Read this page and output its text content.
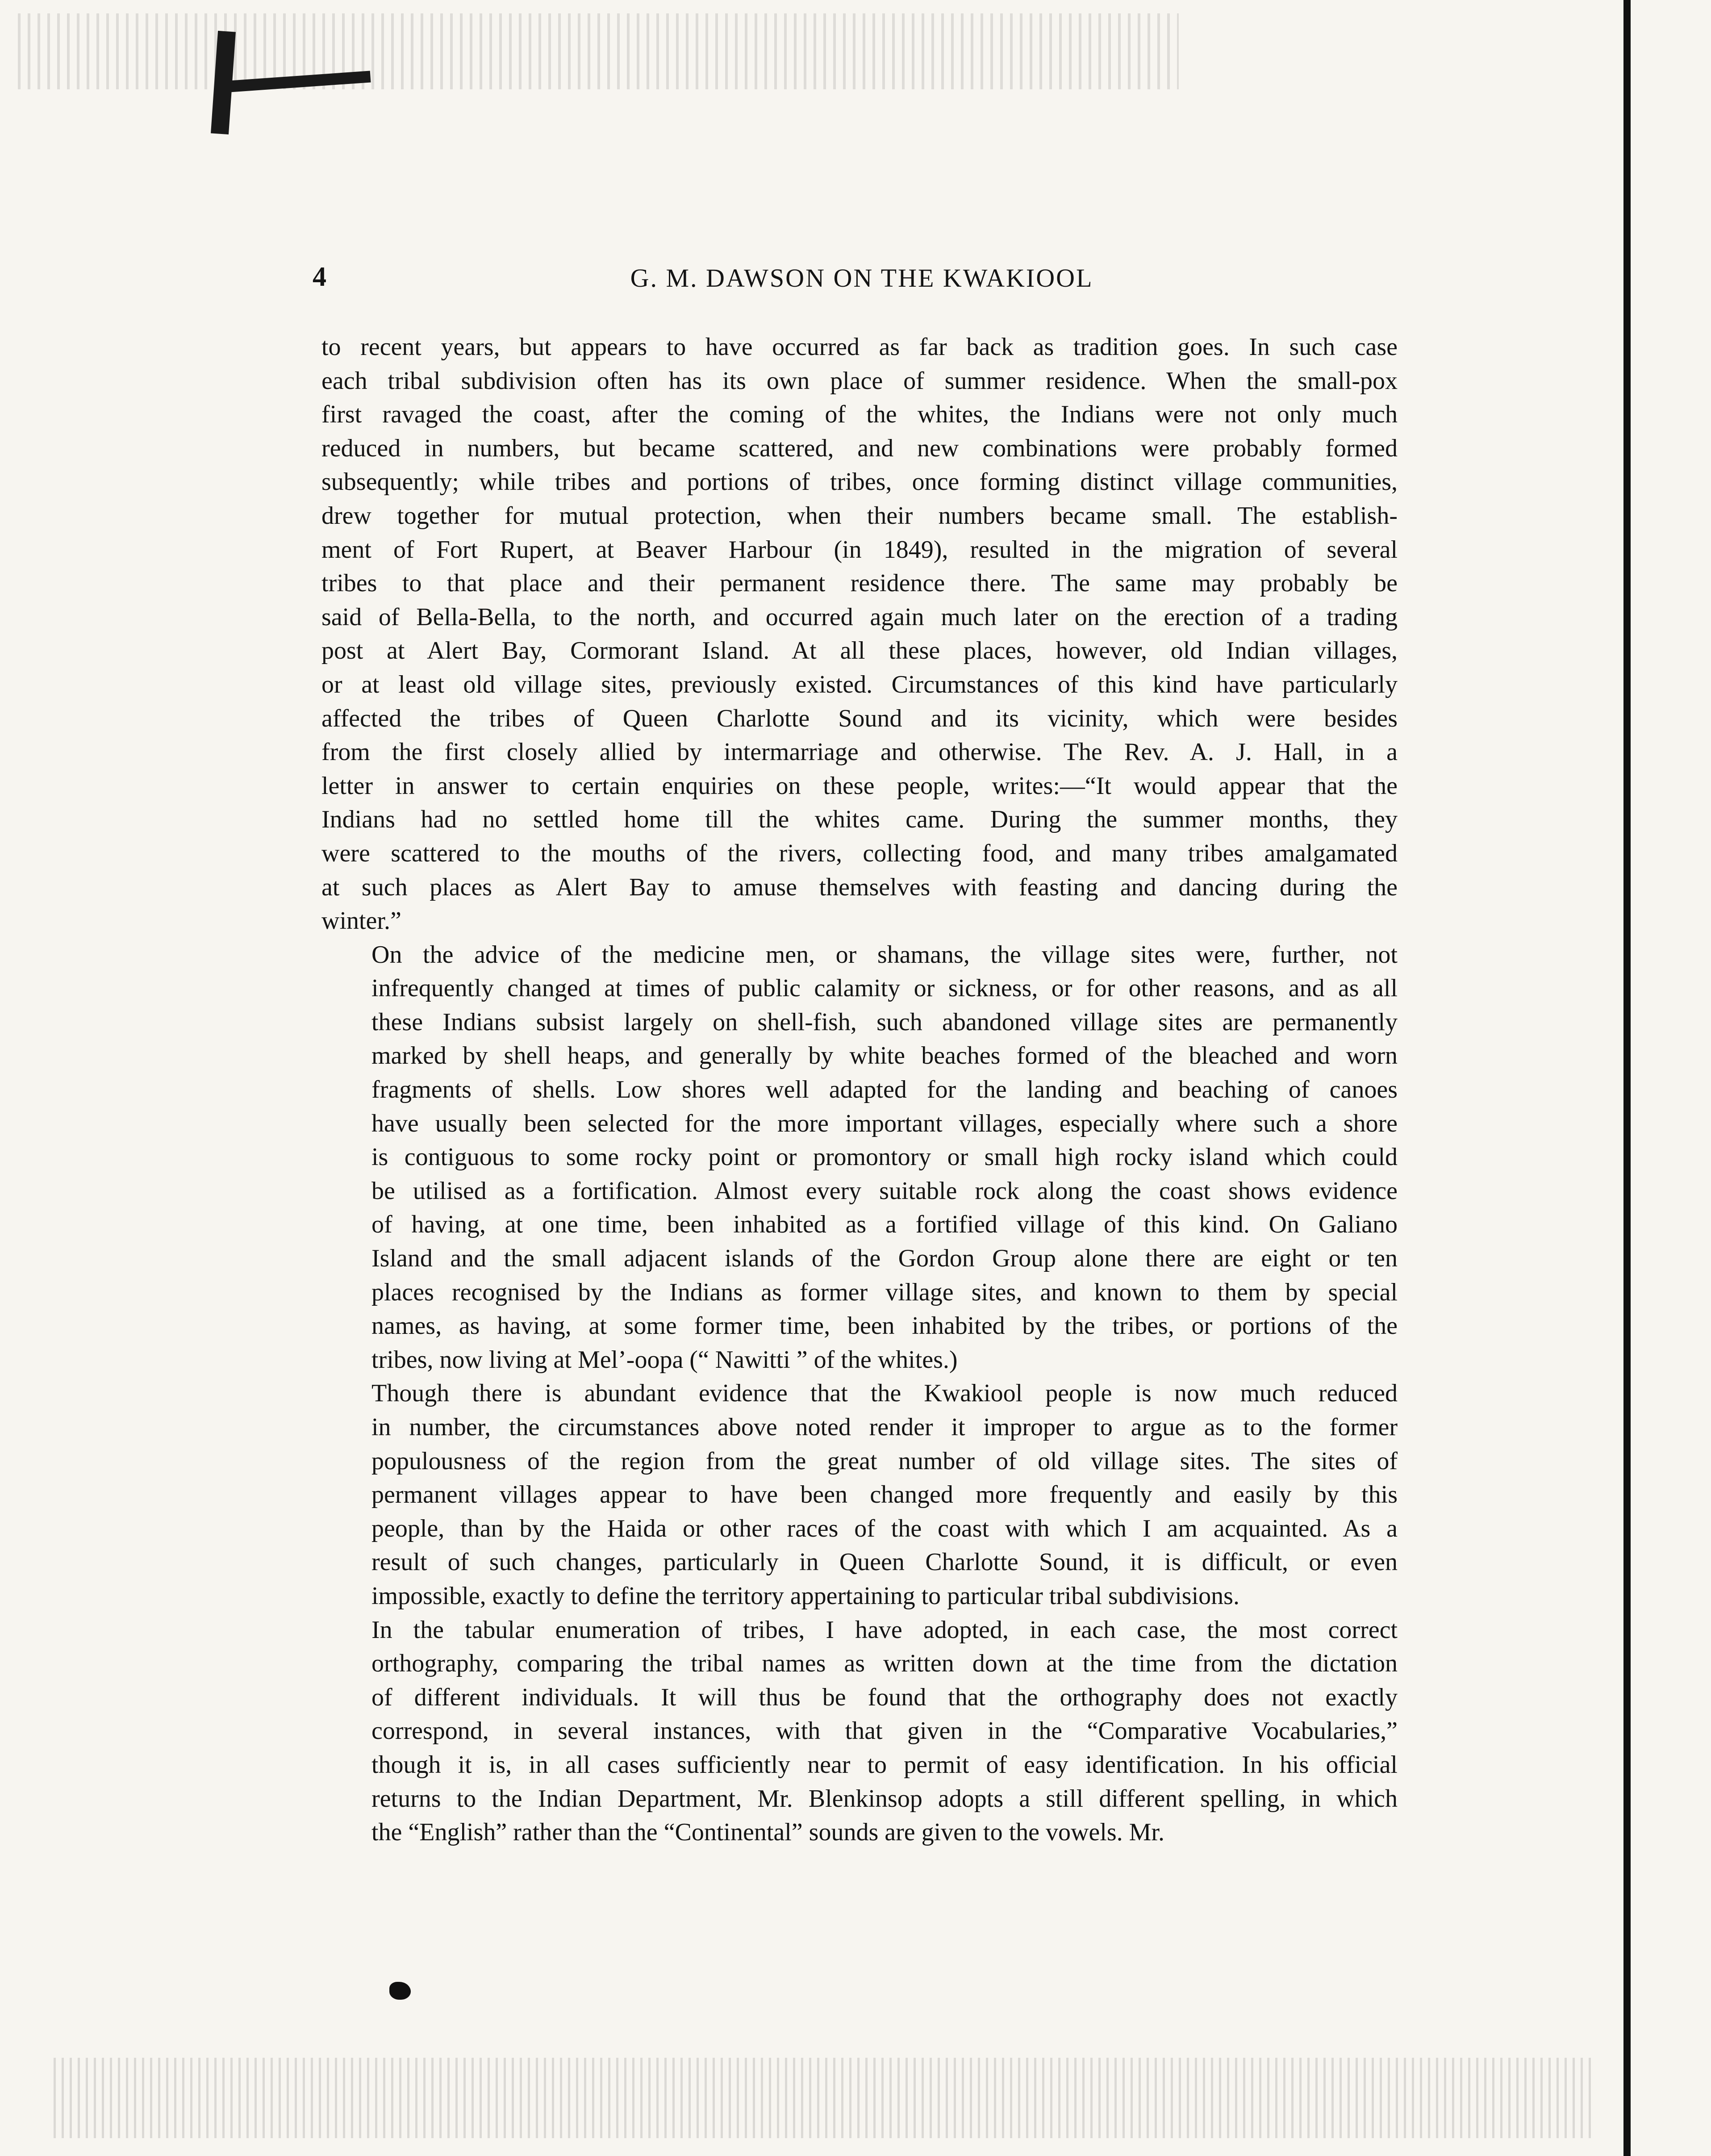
4	G. M. DAWSON ON THE KWAKIOOL

to recent years, but appears to have occurred as far back as tradition goes. In such case
each tribal subdivision often has its own place of summer residence. When the small-pox
first ravaged the coast, after the coming of the whites, the Indians were not only much
reduced in numbers, but became scattered, and new combinations were probably formed
subsequently; while tribes and portions of tribes, once forming distinct village communities,
drew together for mutual protection, when their numbers became small. The establish-
ment of Fort Rupert, at Beaver Harbour (in 1849), resulted in the migration of several
tribes to that place and their permanent residence there. The same may probably be
said of Bella-Bella, to the north, and occurred again much later on the erection of a trading
post at Alert Bay, Cormorant Island. At all these places, however, old Indian villages,
or at least old village sites, previously existed. Circumstances of this kind have particularly
affected the tribes of Queen Charlotte Sound and its vicinity, which were besides
from the first closely allied by intermarriage and otherwise. The Rev. A. J. Hall, in a
letter in answer to certain enquiries on these people, writes:—“It would appear that the
Indians had no settled home till the whites came. During the summer months, they
were scattered to the mouths of the rivers, collecting food, and many tribes amalgamated
at such places as Alert Bay to amuse themselves with feasting and dancing during the
winter.”

On the advice of the medicine men, or shamans, the village sites were, further, not
infrequently changed at times of public calamity or sickness, or for other reasons, and as all
these Indians subsist largely on shell-fish, such abandoned village sites are permanently
marked by shell heaps, and generally by white beaches formed of the bleached and worn
fragments of shells. Low shores well adapted for the landing and beaching of canoes
have usually been selected for the more important villages, especially where such a shore
is contiguous to some rocky point or promontory or small high rocky island which could
be utilised as a fortification. Almost every suitable rock along the coast shows evidence
of having, at one time, been inhabited as a fortified village of this kind. On Galiano
Island and the small adjacent islands of the Gordon Group alone there are eight or ten
places recognised by the Indians as former village sites, and known to them by special
names, as having, at some former time, been inhabited by the tribes, or portions of the
tribes, now living at Mel’-oopa (“ Nawitti ” of the whites.)

Though there is abundant evidence that the Kwakiool people is now much reduced
in number, the circumstances above noted render it improper to argue as to the former
populousness of the region from the great number of old village sites. The sites of
permanent villages appear to have been changed more frequently and easily by this
people, than by the Haida or other races of the coast with which I am acquainted. As a
result of such changes, particularly in Queen Charlotte Sound, it is difficult, or even
impossible, exactly to define the territory appertaining to particular tribal subdivisions.

In the tabular enumeration of tribes, I have adopted, in each case, the most correct
orthography, comparing the tribal names as written down at the time from the dictation
of different individuals. It will thus be found that the orthography does not exactly
correspond, in several instances, with that given in the “Comparative Vocabularies,”
though it is, in all cases sufficiently near to permit of easy identification. In his official
returns to the Indian Department, Mr. Blenkinsop adopts a still different spelling, in which
the “English” rather than the “Continental” sounds are given to the vowels. Mr.
